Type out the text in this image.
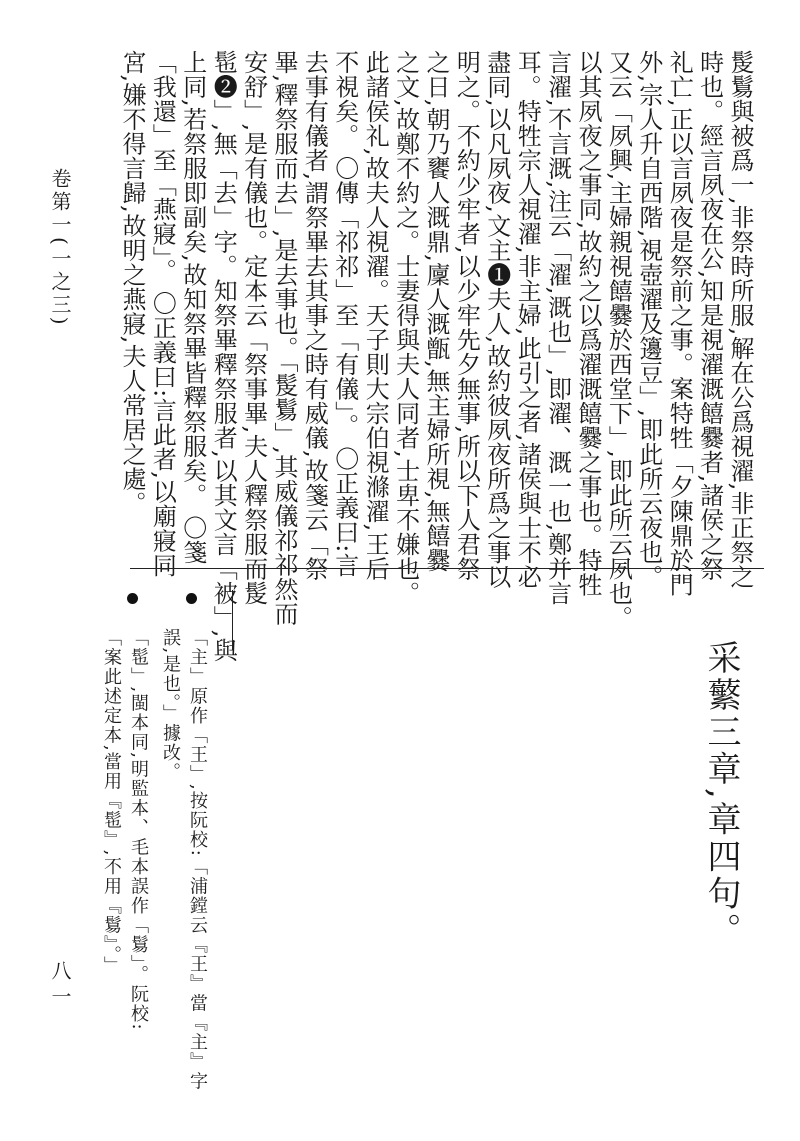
髲鬄與被爲一,非祭時所服,解在公爲視濯,非正祭之
時也。經言夙夜在公,知是視濯溉饎爨者,諸侯之祭
礼亡,正以言夙夜是祭前之事。案特牲「夕陳鼎於門
外,宗人升自西階,視壺濯及籩豆」,即此所云夜也。
又云「夙興,主婦親視饎爨於西堂下」,即此所云夙也。
以其夙夜之事同,故約之以爲濯溉饎爨之事也。特牲
言濯,不言溉,注云「濯,溉也」,即濯、溉一也,鄭并言
耳。特牲宗人視濯,非主婦,此引之者,諸侯與士不必
盡同,以凡夙夜,文主❶夫人,故約彼夙夜所爲之事以
明之。不約少牢者,以少牢先夕無事,所以下人君祭
之日,朝乃饔人溉鼎,廩人溉甑,無主婦所視,無饎爨
之文,故鄭不約之。士妻得與夫人同者,士卑不嫌也。
此諸侯礼,故夫人視濯。天子則大宗伯視滌濯,王后
不視矣。 〇傳「祁祁」至「有儀」。 〇正義曰:言
去事有儀者,謂祭畢去其事之時有威儀,故箋云「祭
畢,釋祭服而去」,是去事也。「髲鬄」,其威儀祁祁然而
安舒」,是有儀也。定本云「祭事畢,夫人釋祭服而髲
髢❷」,無「去」字。知祭畢釋祭服者,以其文言「被」,與
上同,若祭服即副矣,故知祭畢皆釋祭服矣。 〇箋
「我還」至「燕寢」。 〇正義曰:言此者,以廟寢同
宮,嫌不得言歸,故明之燕寢,夫人常居之處。
采蘩三章,章四句。
「主」原作「王」,按阮校:「浦鏜云『王』當『主』字
誤,是也。」據改。
「髢」,閩本同,明監本、毛本誤作「鬄」。阮校:
「案此述定本,當用『髢』,不用『鬄』。」
卷第一(一之三)
八一
